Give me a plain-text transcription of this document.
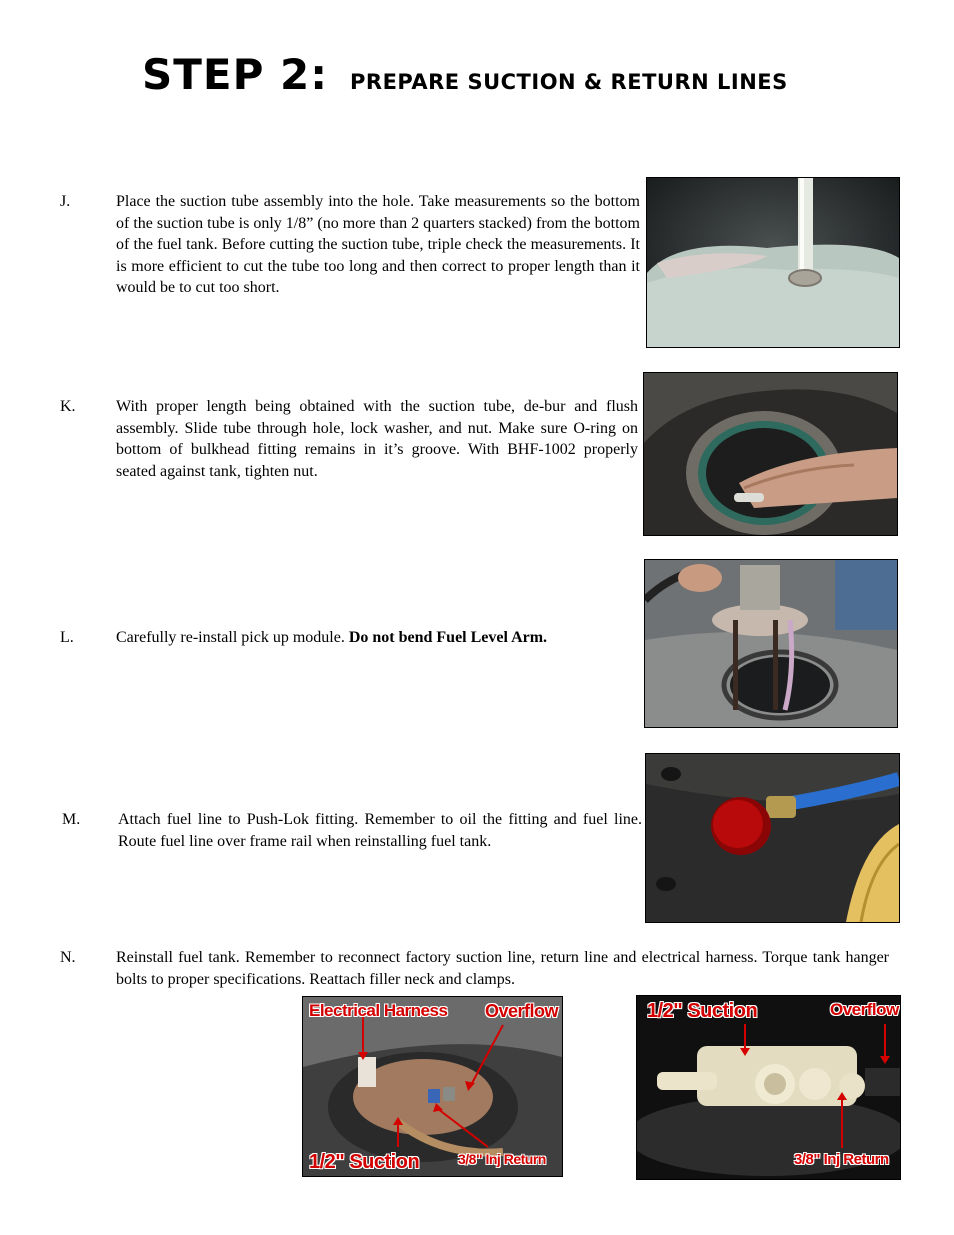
STEP 2: PREPARE SUCTION & RETURN LINES
J.	Place the suction tube assembly into the hole. Take measurements so the bottom of the suction tube is only 1/8” (no more than 2 quarters stacked) from the bottom of the fuel tank. Before cutting the suction tube, triple check the measurements. It is more efficient to cut the tube too long and then correct to proper length than it would be to cut too short.
K.	With proper length being obtained with the suction tube, de-bur and flush assembly. Slide tube through hole, lock washer, and nut. Make sure O-ring on bottom of bulkhead fitting remains in it’s groove. With BHF-1002 properly seated against tank, tighten nut.
L.	Carefully re-install pick up module. Do not bend Fuel Level Arm.
M. Attach fuel line to Push-Lok fitting. Remember to oil the fitting and fuel line. Route fuel line over frame rail when reinstalling fuel tank.
N.	Reinstall fuel tank. Remember to reconnect factory suction line, return line and electrical harness. Torque tank hanger bolts to proper specifications. Reattach filler neck and clamps.
Electrical Harness Overflow
1/2" Suction	3/8" Inj Return
1/2" Suction	Overflow
3/8" Inj Return
